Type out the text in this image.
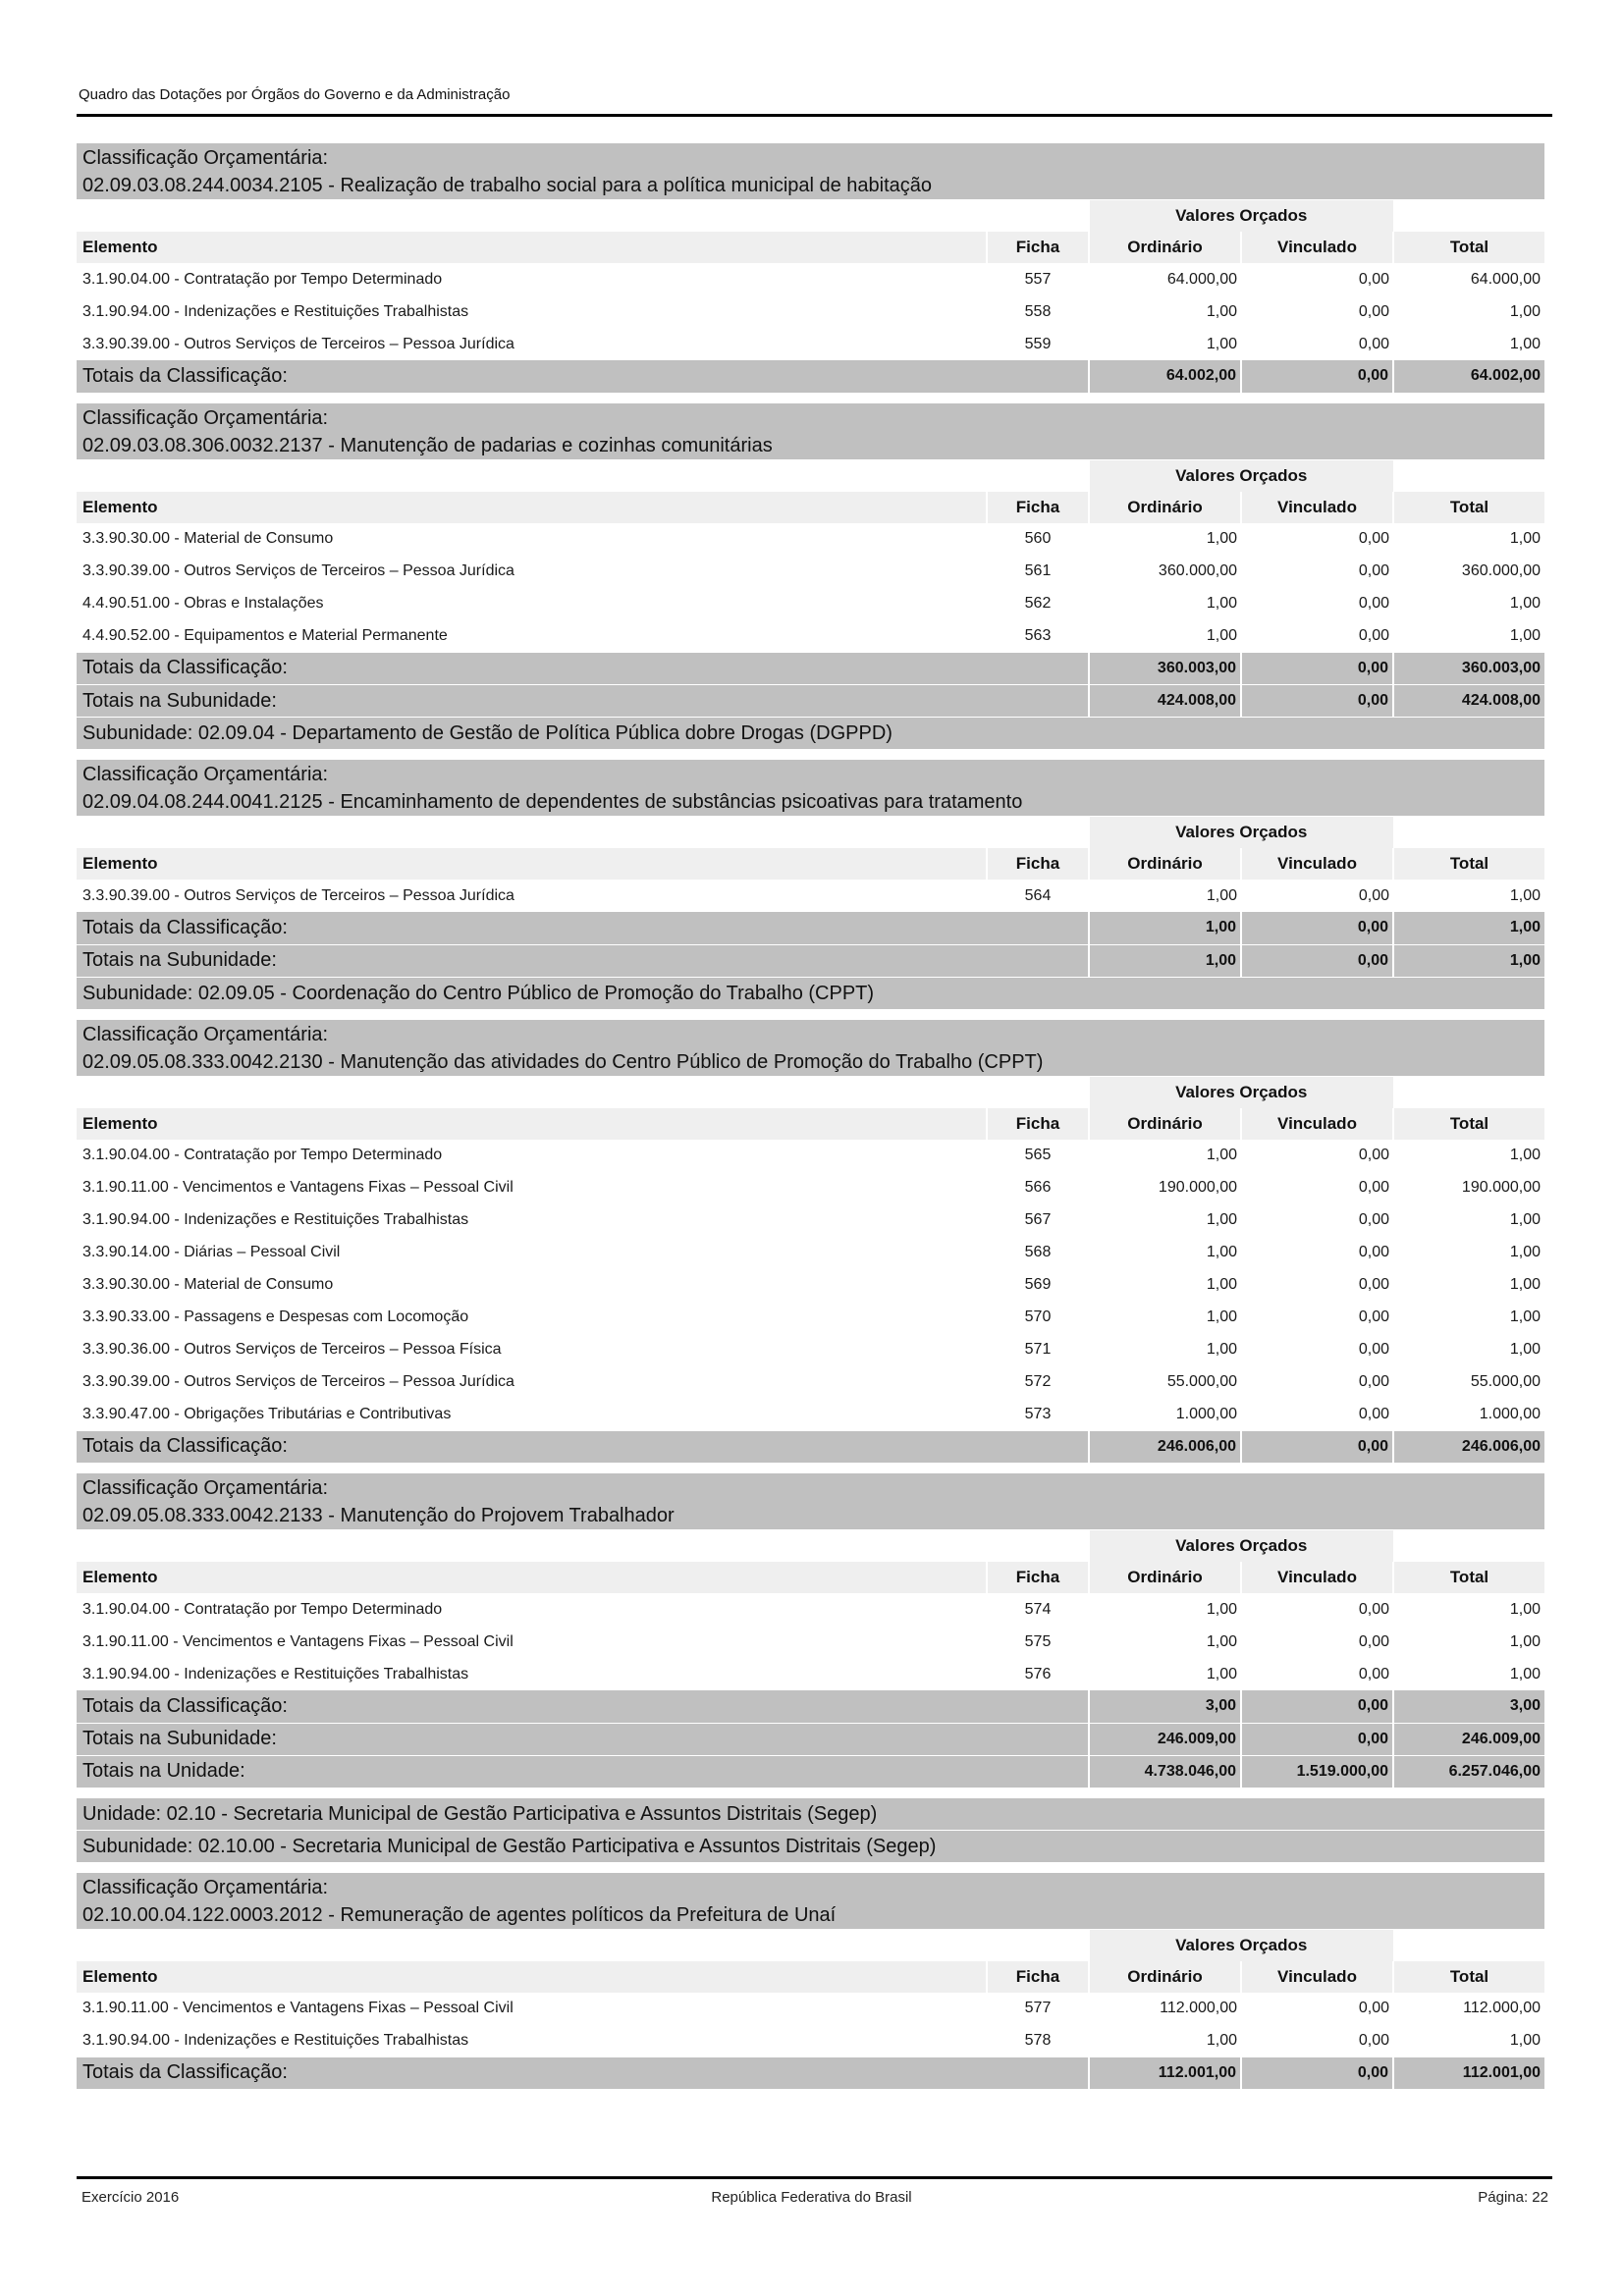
Quadro das Dotações por Órgãos do Governo e da Administração
Classificação Orçamentária:
02.09.03.08.244.0034.2105 - Realização de trabalho social para a política municipal de habitação
		Valores Orçados		
Elemento	Ficha	Ordinário	Vinculado	Total
3.1.90.04.00 - Contratação por Tempo Determinado	557	64.000,00	0,00	64.000,00
3.1.90.94.00 - Indenizações e Restituições Trabalhistas	558	1,00	0,00	1,00
3.3.90.39.00 - Outros Serviços de Terceiros – Pessoa Jurídica	559	1,00	0,00	1,00
Totais da Classificação:		64.002,00	0,00	64.002,00
Classificação Orçamentária:
02.09.03.08.306.0032.2137 - Manutenção de padarias e cozinhas comunitárias
		Valores Orçados		
Elemento	Ficha	Ordinário	Vinculado	Total
3.3.90.30.00 - Material de Consumo	560	1,00	0,00	1,00
3.3.90.39.00 - Outros Serviços de Terceiros – Pessoa Jurídica	561	360.000,00	0,00	360.000,00
4.4.90.51.00 - Obras e Instalações	562	1,00	0,00	1,00
4.4.90.52.00 - Equipamentos e Material Permanente	563	1,00	0,00	1,00
Totais da Classificação:		360.003,00	0,00	360.003,00
Totais na Subunidade:		424.008,00	0,00	424.008,00
Subunidade: 02.09.04 - Departamento de Gestão de Política Pública dobre Drogas (DGPPD)
Classificação Orçamentária:
02.09.04.08.244.0041.2125 - Encaminhamento de dependentes de substâncias psicoativas para tratamento
		Valores Orçados		
Elemento	Ficha	Ordinário	Vinculado	Total
3.3.90.39.00 - Outros Serviços de Terceiros – Pessoa Jurídica	564	1,00	0,00	1,00
Totais da Classificação:		1,00	0,00	1,00
Totais na Subunidade:		1,00	0,00	1,00
Subunidade: 02.09.05 - Coordenação do Centro Público de Promoção do Trabalho (CPPT)
Classificação Orçamentária:
02.09.05.08.333.0042.2130 - Manutenção das atividades do Centro Público de Promoção do Trabalho (CPPT)
		Valores Orçados		
Elemento	Ficha	Ordinário	Vinculado	Total
3.1.90.04.00 - Contratação por Tempo Determinado	565	1,00	0,00	1,00
3.1.90.11.00 - Vencimentos e Vantagens Fixas – Pessoal Civil	566	190.000,00	0,00	190.000,00
3.1.90.94.00 - Indenizações e Restituições Trabalhistas	567	1,00	0,00	1,00
3.3.90.14.00 - Diárias – Pessoal Civil	568	1,00	0,00	1,00
3.3.90.30.00 - Material de Consumo	569	1,00	0,00	1,00
3.3.90.33.00 - Passagens e Despesas com Locomoção	570	1,00	0,00	1,00
3.3.90.36.00 - Outros Serviços de Terceiros – Pessoa Física	571	1,00	0,00	1,00
3.3.90.39.00 - Outros Serviços de Terceiros – Pessoa Jurídica	572	55.000,00	0,00	55.000,00
3.3.90.47.00 - Obrigações Tributárias e Contributivas	573	1.000,00	0,00	1.000,00
Totais da Classificação:		246.006,00	0,00	246.006,00
Classificação Orçamentária:
02.09.05.08.333.0042.2133 - Manutenção do Projovem Trabalhador
		Valores Orçados		
Elemento	Ficha	Ordinário	Vinculado	Total
3.1.90.04.00 - Contratação por Tempo Determinado	574	1,00	0,00	1,00
3.1.90.11.00 - Vencimentos e Vantagens Fixas – Pessoal Civil	575	1,00	0,00	1,00
3.1.90.94.00 - Indenizações e Restituições Trabalhistas	576	1,00	0,00	1,00
Totais da Classificação:		3,00	0,00	3,00
Totais na Subunidade:		246.009,00	0,00	246.009,00
Totais na Unidade:		4.738.046,00	1.519.000,00	6.257.046,00
Unidade: 02.10 - Secretaria Municipal de Gestão Participativa e Assuntos Distritais (Segep)
Subunidade: 02.10.00 - Secretaria Municipal de Gestão Participativa e Assuntos Distritais (Segep)
Classificação Orçamentária:
02.10.00.04.122.0003.2012 - Remuneração de agentes políticos da Prefeitura de Unaí
		Valores Orçados		
Elemento	Ficha	Ordinário	Vinculado	Total
3.1.90.11.00 - Vencimentos e Vantagens Fixas – Pessoal Civil	577	112.000,00	0,00	112.000,00
3.1.90.94.00 - Indenizações e Restituições Trabalhistas	578	1,00	0,00	1,00
Totais da Classificação:		112.001,00	0,00	112.001,00
Exercício 2016	República Federativa do Brasil	Página: 22
